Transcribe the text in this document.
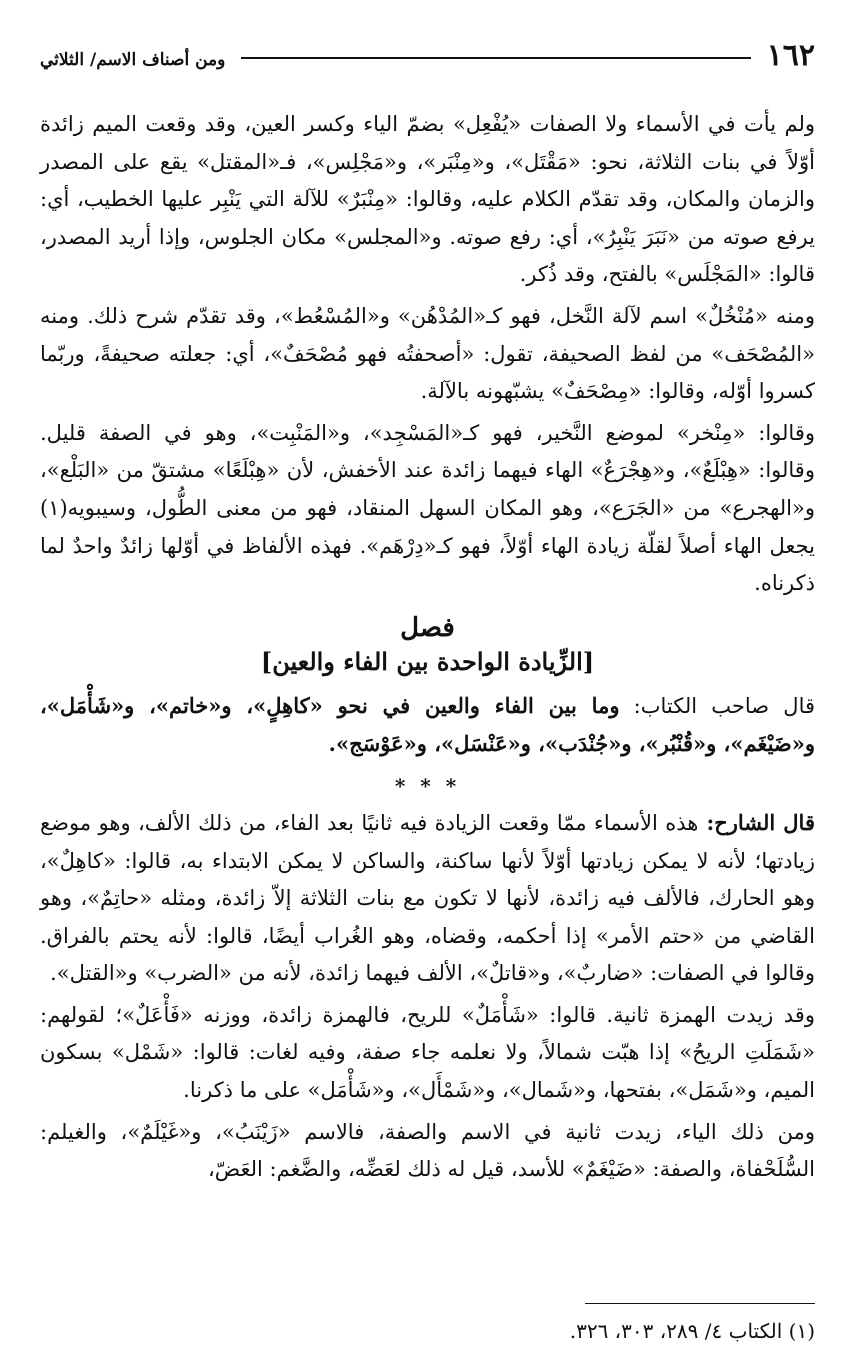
١٦٢
ومن أصناف الاسم/ الثلاثي

ولم يأت في الأسماء ولا الصفات «يُفْعِل» بضمّ الياء وكسر العين، وقد وقعت الميم زائدة أوّلاً في بنات الثلاثة، نحو: «مَقْتَل»، و«مِنْبَر»، و«مَجْلِس»، فـ«المقتل» يقع على المصدر والزمان والمكان، وقد تقدّم الكلام عليه، وقالوا: «مِنْبَرٌ» للآلة التي يَنْبِر عليها الخطيب، أي: يرفع صوته من «نَبَرَ يَنْبِرُ»، أي: رفع صوته. و«المجلس» مكان الجلوس، وإذا أريد المصدر، قالوا: «المَجْلَس» بالفتح، وقد ذُكر.

ومنه «مُنْخُلٌ» اسم لآلة النَّخل، فهو كـ«المُدْهُن» و«المُسْعُط»، وقد تقدّم شرح ذلك. ومنه «المُصْحَف» من لفظ الصحيفة، تقول: «أصحفتُه فهو مُصْحَفٌ»، أي: جعلته صحيفةً، وربّما كسروا أوّله، وقالوا: «مِصْحَفٌ» يشبّهونه بالآلة.

وقالوا: «مِنْخر» لموضع النَّخير، فهو كـ«المَسْجِد»، و«المَنْبِت»، وهو في الصفة قليل. وقالوا: «هِبْلَعٌ»، و«هِجْرَعٌ» الهاء فيهما زائدة عند الأخفش، لأن «هِبْلَعًا» مشتقّ من «البَلْع»، و«الهجرع» من «الجَرَع»، وهو المكان السهل المنقاد، فهو من معنى الطُّول، وسيبويه(١) يجعل الهاء أصلاً لقلّة زيادة الهاء أوّلاً، فهو كـ«دِرْهَم». فهذه الألفاظ في أوّلها زائدٌ واحدٌ لما ذكرناه.

فصل
[الزِّيادة الواحدة بين الفاء والعين]

قال صاحب الكتاب: وما بين الفاء والعين في نحو «كاهِلٍ»، و«خاتم»، و«شَأْمَل»، و«ضَيْغَم»، و«قُنْبُر»، و«جُنْدَب»، و«عَنْسَل»، و«عَوْسَج».

* * *

قال الشارح: هذه الأسماء ممّا وقعت الزيادة فيه ثانيًا بعد الفاء، من ذلك الألف، وهو موضع زيادتها؛ لأنه لا يمكن زيادتها أوّلاً لأنها ساكنة، والساكن لا يمكن الابتداء به، قالوا: «كاهِلٌ»، وهو الحارك، فالألف فيه زائدة، لأنها لا تكون مع بنات الثلاثة إلاّ زائدة، ومثله «حاتِمٌ»، وهو القاضي من «حتم الأمر» إذا أحكمه، وقضاه، وهو الغُراب أيضًا، قالوا: لأنه يحتم بالفراق. وقالوا في الصفات: «ضاربٌ»، و«قاتلٌ»، الألف فيهما زائدة، لأنه من «الضرب» و«القتل».

وقد زيدت الهمزة ثانية. قالوا: «شَأْمَلٌ» للريح، فالهمزة زائدة، ووزنه «فَأْعَلٌ»؛ لقولهم: «شَمَلَتِ الريحُ» إذا هبّت شمالاً، ولا نعلمه جاء صفة، وفيه لغات: قالوا: «شَمْل» بسكون الميم، و«شَمَل»، بفتحها، و«شَمال»، و«شَمْأَل»، و«شَأْمَل» على ما ذكرنا.

ومن ذلك الياء، زيدت ثانية في الاسم والصفة، فالاسم «زَيْنَبُ»، و«غَيْلَمٌ»، والغيلم: السُّلَحْفاة، والصفة: «ضَيْغَمٌ» للأسد، قيل له ذلك لعَضِّه، والضَّغم: العَضّ،

(١) الكتاب ٤/ ٢٨٩، ٣٠٣، ٣٢٦.
